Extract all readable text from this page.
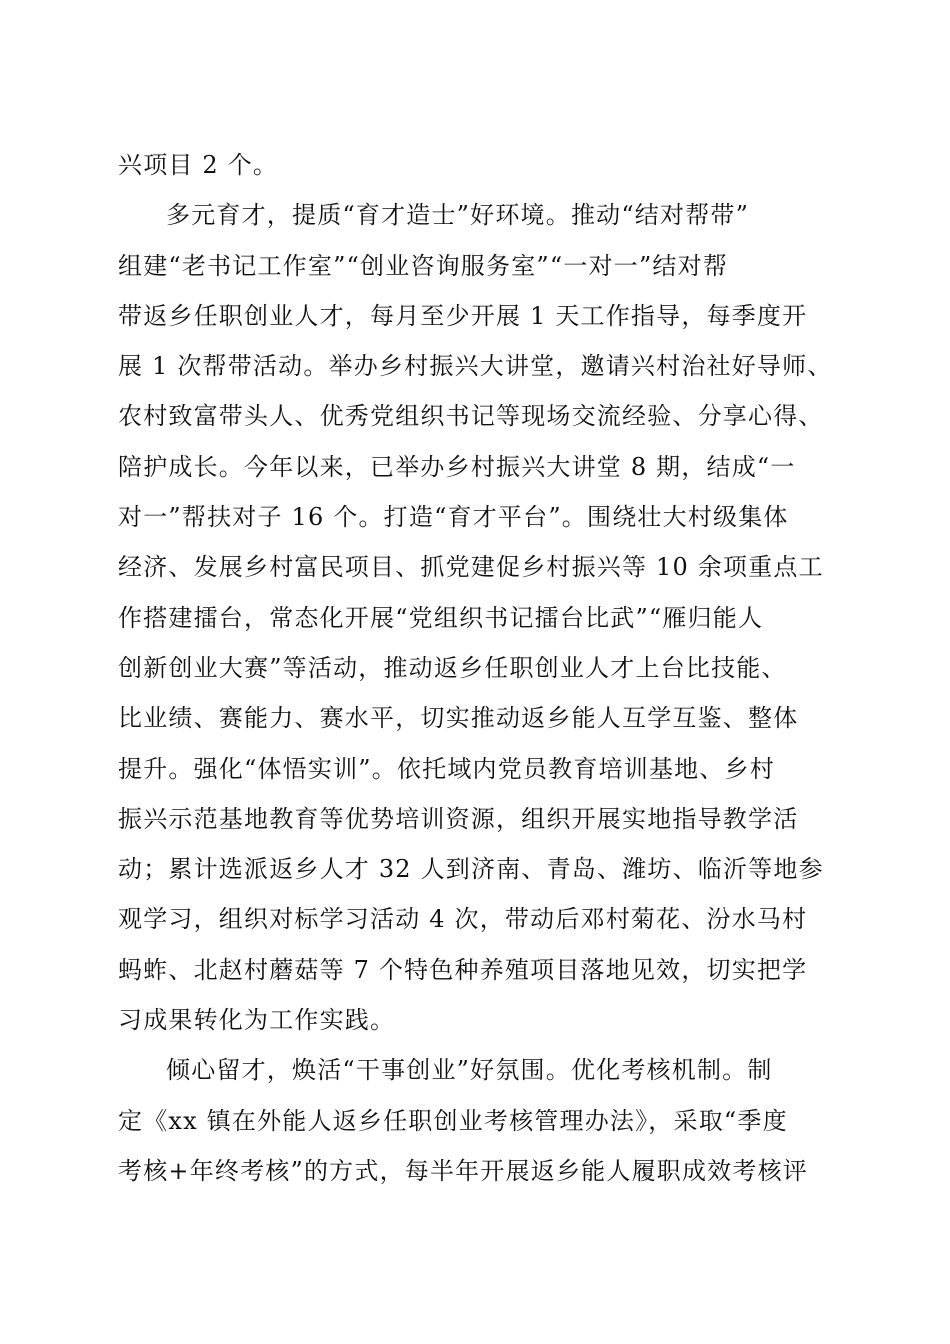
兴项目 2 个。
多元育才，提质“育才造士”好环境。推动“结对帮带”
组建“老书记工作室”“创业咨询服务室”“一对一”结对帮
带返乡任职创业人才，每月至少开展 1 天工作指导，每季度开
展 1 次帮带活动。举办乡村振兴大讲堂，邀请兴村治社好导师、
农村致富带头人、优秀党组织书记等现场交流经验、分享心得、
陪护成长。今年以来，已举办乡村振兴大讲堂 8 期，结成“一
对一”帮扶对子 16 个。打造“育才平台”。围绕壮大村级集体
经济、发展乡村富民项目、抓党建促乡村振兴等 10 余项重点工
作搭建擂台，常态化开展“党组织书记擂台比武”“雁归能人
创新创业大赛”等活动，推动返乡任职创业人才上台比技能、
比业绩、赛能力、赛水平，切实推动返乡能人互学互鉴、整体
提升。强化“体悟实训”。依托域内党员教育培训基地、乡村
振兴示范基地教育等优势培训资源，组织开展实地指导教学活
动；累计选派返乡人才 32 人到济南、青岛、潍坊、临沂等地参
观学习，组织对标学习活动 4 次，带动后邓村菊花、汾水马村
蚂蚱、北赵村蘑菇等 7 个特色种养殖项目落地见效，切实把学
习成果转化为工作实践。
倾心留才，焕活“干事创业”好氛围。优化考核机制。制
定《xx 镇在外能人返乡任职创业考核管理办法》，采取“季度
考核+年终考核”的方式，每半年开展返乡能人履职成效考核评
